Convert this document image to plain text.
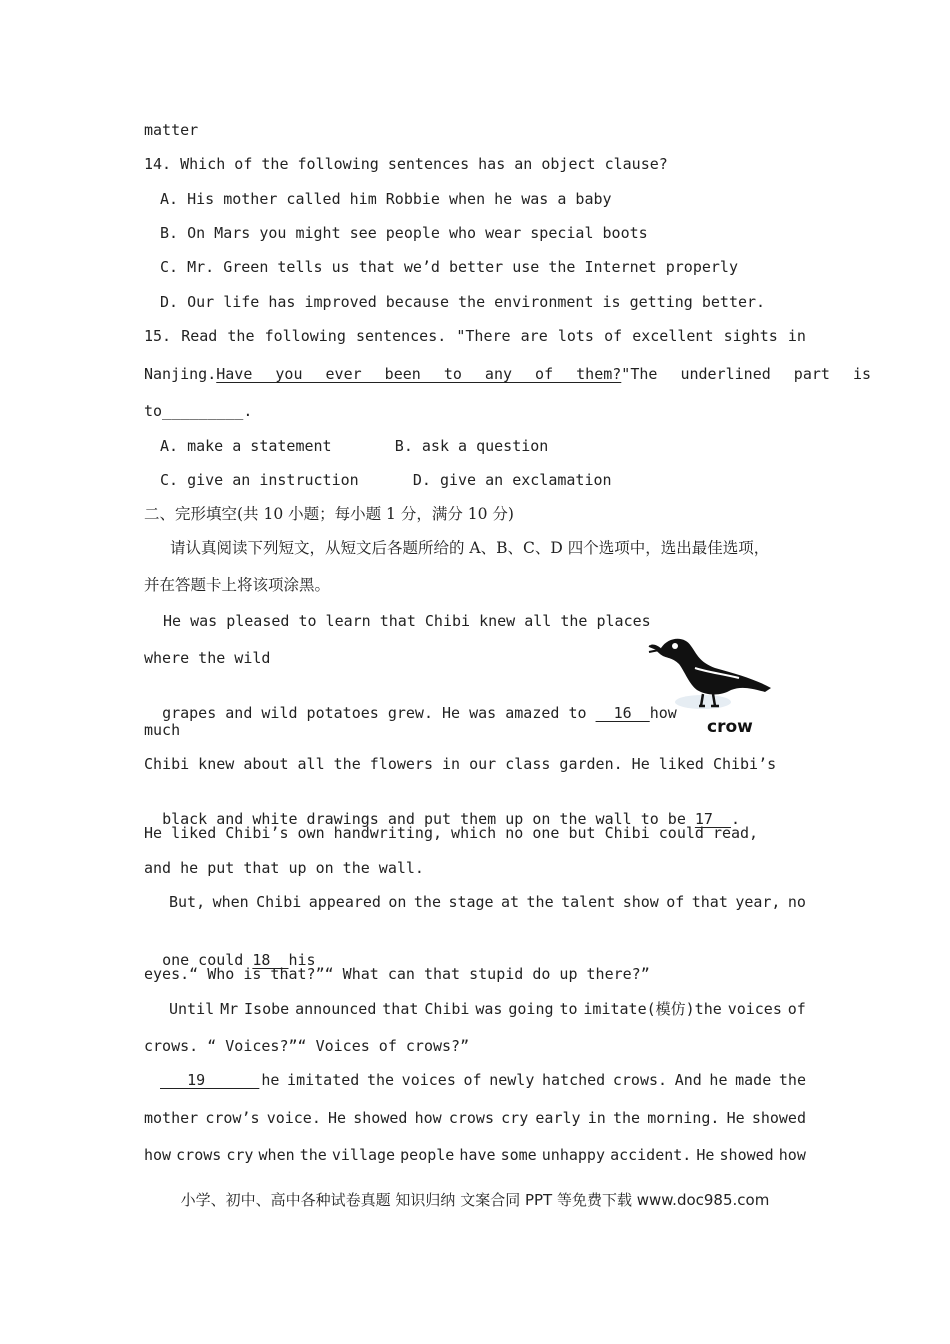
matter
14. Which of the following sentences has an object clause?
A. His mother called him Robbie when he was a baby
B. On Mars you might see people who wear special boots
C. Mr. Green tells us that we’d better use the Internet properly
D. Our life has improved because the environment is getting better.
15. Read the following sentences. "There are lots of excellent sights in
Nanjing. Have you ever been to any of them? "The underlined part is
to_________.
A. make a statement       B. ask a question
C. give an instruction      D. give an exclamation
二、完形填空(共 10 小题；每小题 1 分，满分 10 分)
请认真阅读下列短文，从短文后各题所给的 A、B、C、D 四个选项中，选出最佳选项，
并在答题卡上将该项涂黑。
He was pleased to learn that Chibi knew all the places
where the wild

grapes and wild potatoes grew. He was amazed to   16  how

much
Chibi knew about all the flowers in our class garden. He liked Chibi’s

black and white drawings and put them up on the wall to be 17  .

He liked Chibi’s own handwriting, which no one but Chibi could read,
and he put that up on the wall.
But, when Chibi appeared on the stage at the talent show of that year, no

one could 18  his

eyes.“ Who is that?”“ What can that stupid do up there?”
Until Mr Isobe announced that Chibi was going to imitate(模仿)the voices of
crows. “ Voices?”“ Voices of crows?”
19 he imitated the voices of newly hatched crows. And he made the
mother crow’s voice. He showed how crows cry early in the morning. He showed
how crows cry when the village people have some unhappy accident. He showed how
crow
小学、初中、高中各种试卷真题 知识归纳 文案合同 PPT 等免费下载 www.doc985.com
